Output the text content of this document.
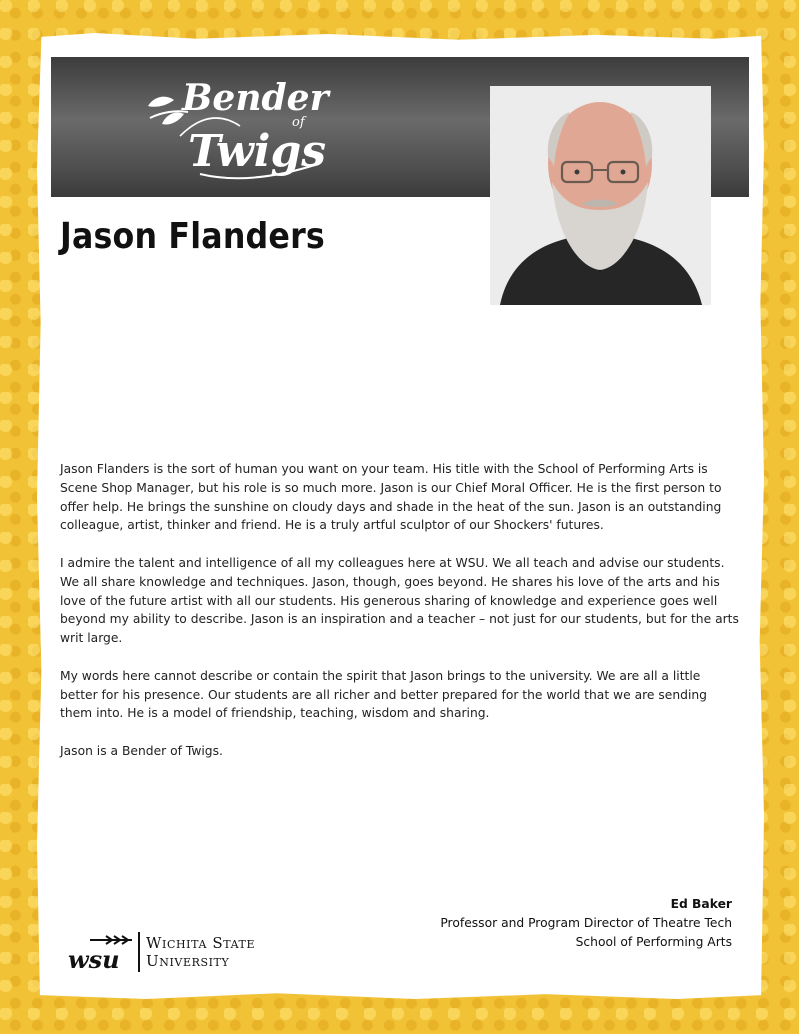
Bender
of
Twigs
Jason Flanders

Jason Flanders is the sort of human you want on your team. His title with the School of Performing Arts is Scene Shop Manager, but his role is so much more. Jason is our Chief Moral Officer. He is the first person to offer help. He brings the sunshine on cloudy days and shade in the heat of the sun. Jason is an outstanding colleague, artist, thinker and friend. He is a truly artful sculptor of our Shockers' futures.

I admire the talent and intelligence of all my colleagues here at WSU. We all teach and advise our students. We all share knowledge and techniques. Jason, though, goes beyond. He shares his love of the arts and his love of the future artist with all our students. His generous sharing of knowledge and experience goes well beyond my ability to describe. Jason is an inspiration and a teacher – not just for our students, but for the arts writ large.

My words here cannot describe or contain the spirit that Jason brings to the university. We are all a little better for his presence. Our students are all richer and better prepared for the world that we are sending them into. He is a model of friendship, teaching, wisdom and sharing.

Jason is a Bender of Twigs.

Ed Baker
Professor and Program Director of Theatre Tech
School of Performing Arts
wsu
Wichita State
University
